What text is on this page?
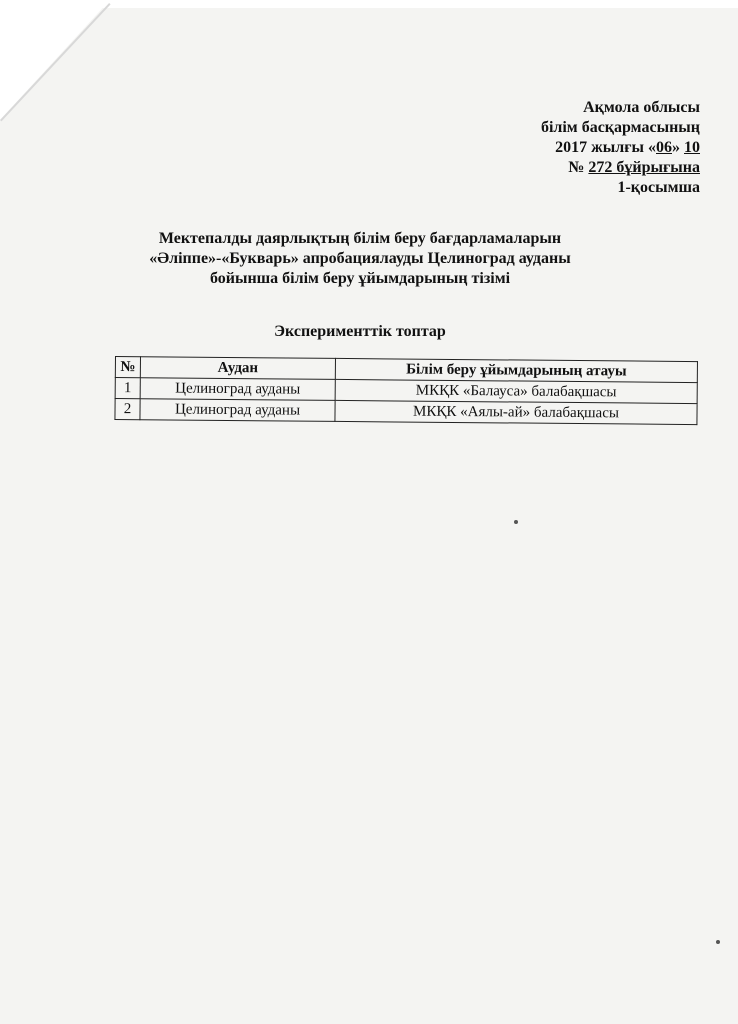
Ақмола облысы
білім басқармасының
2017 жылғы «06» 10
№ 272 бұйрығына
1-қосымша
Мектепалды даярлықтың білім беру бағдарламаларын «Әліппе»-«Букварь» апробациялауды Целиноград ауданы бойынша білім беру ұйымдарының тізімі
Эксперименттік топтар
№	Аудан	Білім беру ұйымдарының атауы
1	Целиноград ауданы	МКҚК «Балауса» балабақшасы
2	Целиноград ауданы	МКҚК «Аялы-ай» балабақшасы
